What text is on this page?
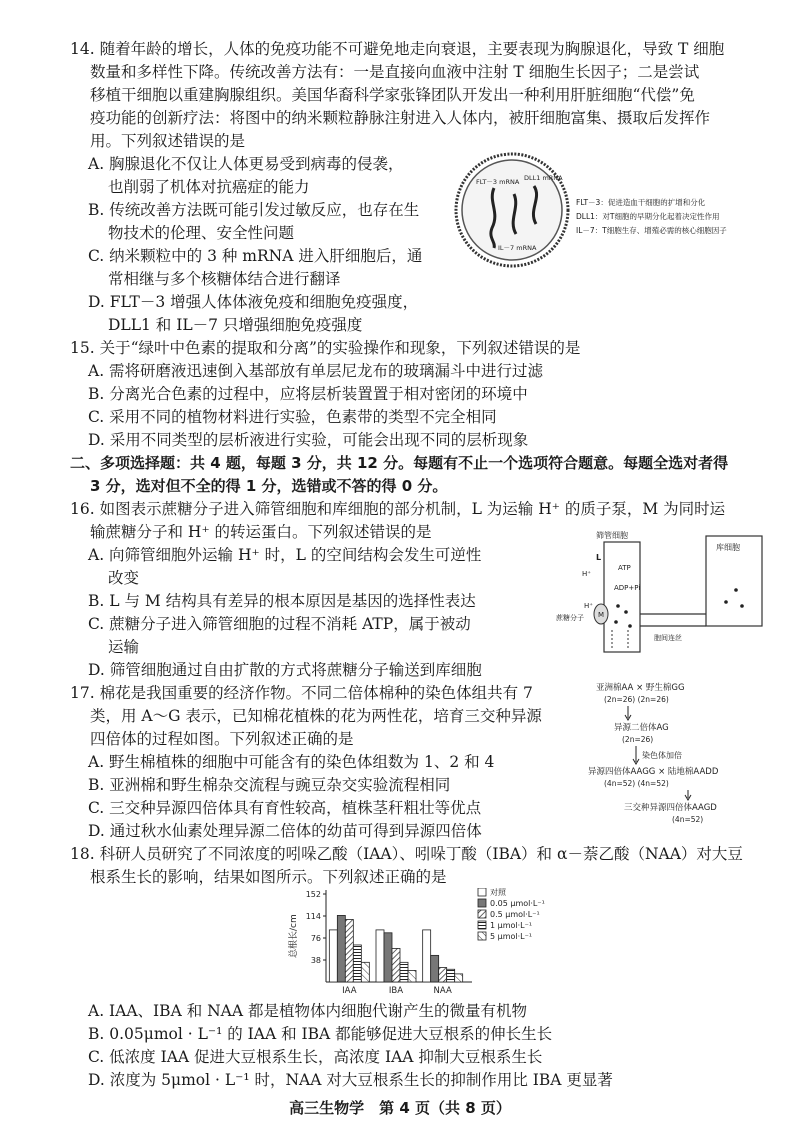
14. 随着年龄的增长，人体的免疫功能不可避免地走向衰退，主要表现为胸腺退化，导致 T 细胞
数量和多样性下降。传统改善方法有：一是直接向血液中注射 T 细胞生长因子；二是尝试
移植干细胞以重建胸腺组织。美国华裔科学家张锋团队开发出一种利用肝脏细胞“代偿”免
疫功能的创新疗法：将图中的纳米颗粒静脉注射进入人体内，被肝细胞富集、摄取后发挥作
用。下列叙述错误的是
A. 胸腺退化不仅让人体更易受到病毒的侵袭，
也削弱了机体对抗癌症的能力
B. 传统改善方法既可能引发过敏反应，也存在生
物技术的伦理、安全性问题
C. 纳米颗粒中的 3 种 mRNA 进入肝细胞后，通
常相继与多个核糖体结合进行翻译
D. FLT－3 增强人体体液免疫和细胞免疫强度，
DLL1 和 IL－7 只增强细胞免疫强度
FLT－3 mRNA DLL1 mRNA
IL－7 mRNA
FLT－3：促进造血干细胞的扩增和分化
DLL1：对T细胞的早期分化起着决定性作用
IL－7：T细胞生存、增殖必需的核心细胞因子
15. 关于“绿叶中色素的提取和分离”的实验操作和现象，下列叙述错误的是
A. 需将研磨液迅速倒入基部放有单层尼龙布的玻璃漏斗中进行过滤
B. 分离光合色素的过程中，应将层析装置置于相对密闭的环境中
C. 采用不同的植物材料进行实验，色素带的类型不完全相同
D. 采用不同类型的层析液进行实验，可能会出现不同的层析现象
二、多项选择题：共 4 题，每题 3 分，共 12 分。每题有不止一个选项符合题意。每题全选对者得
3 分，选对但不全的得 1 分，选错或不答的得 0 分。
16. 如图表示蔗糖分子进入筛管细胞和库细胞的部分机制，L 为运输 H⁺ 的质子泵，M 为同时运
输蔗糖分子和 H⁺ 的转运蛋白。下列叙述错误的是
A. 向筛管细胞外运输 H⁺ 时，L 的空间结构会发生可逆性
改变
B. L 与 M 结构具有差异的根本原因是基因的选择性表达
C. 蔗糖分子进入筛管细胞的过程不消耗 ATP，属于被动
运输
D. 筛管细胞通过自由扩散的方式将蔗糖分子输送到库细胞
筛管细胞
库细胞
ATP
ADP+Pi
H⁺
H⁺
L
M
蔗糖分子
胞间连丝
17. 棉花是我国重要的经济作物。不同二倍体棉种的染色体组共有 7
类，用 A～G 表示，已知棉花植株的花为两性花，培育三交种异源
四倍体的过程如图。下列叙述正确的是
A. 野生棉植株的细胞中可能含有的染色体组数为 1、2 和 4
B. 亚洲棉和野生棉杂交流程与豌豆杂交实验流程相同
C. 三交种异源四倍体具有育性较高，植株茎秆粗壮等优点
D. 通过秋水仙素处理异源二倍体的幼苗可得到异源四倍体
亚洲棉AA × 野生棉GG
(2n=26) (2n=26)
异源二倍体AG
(2n=26)
染色体加倍
异源四倍体AAGG × 陆地棉AADD
(4n=52) (4n=52)
三交种异源四倍体AAGD
(4n=52)
18. 科研人员研究了不同浓度的吲哚乙酸（IAA）、吲哚丁酸（IBA）和 α－萘乙酸（NAA）对大豆
根系生长的影响，结果如图所示。下列叙述正确的是
总根长/cm
38
76
114
152
IAA	IBA	NAA
对照
0.05 μmol·L⁻¹
0.5 μmol·L⁻¹
1 μmol·L⁻¹
5 μmol·L⁻¹
A. IAA、IBA 和 NAA 都是植物体内细胞代谢产生的微量有机物
B. 0.05μmol · L⁻¹ 的 IAA 和 IBA 都能够促进大豆根系的伸长生长
C. 低浓度 IAA 促进大豆根系生长，高浓度 IAA 抑制大豆根系生长
D. 浓度为 5μmol · L⁻¹ 时，NAA 对大豆根系生长的抑制作用比 IBA 更显著
高三生物学　第 4 页（共 8 页）
